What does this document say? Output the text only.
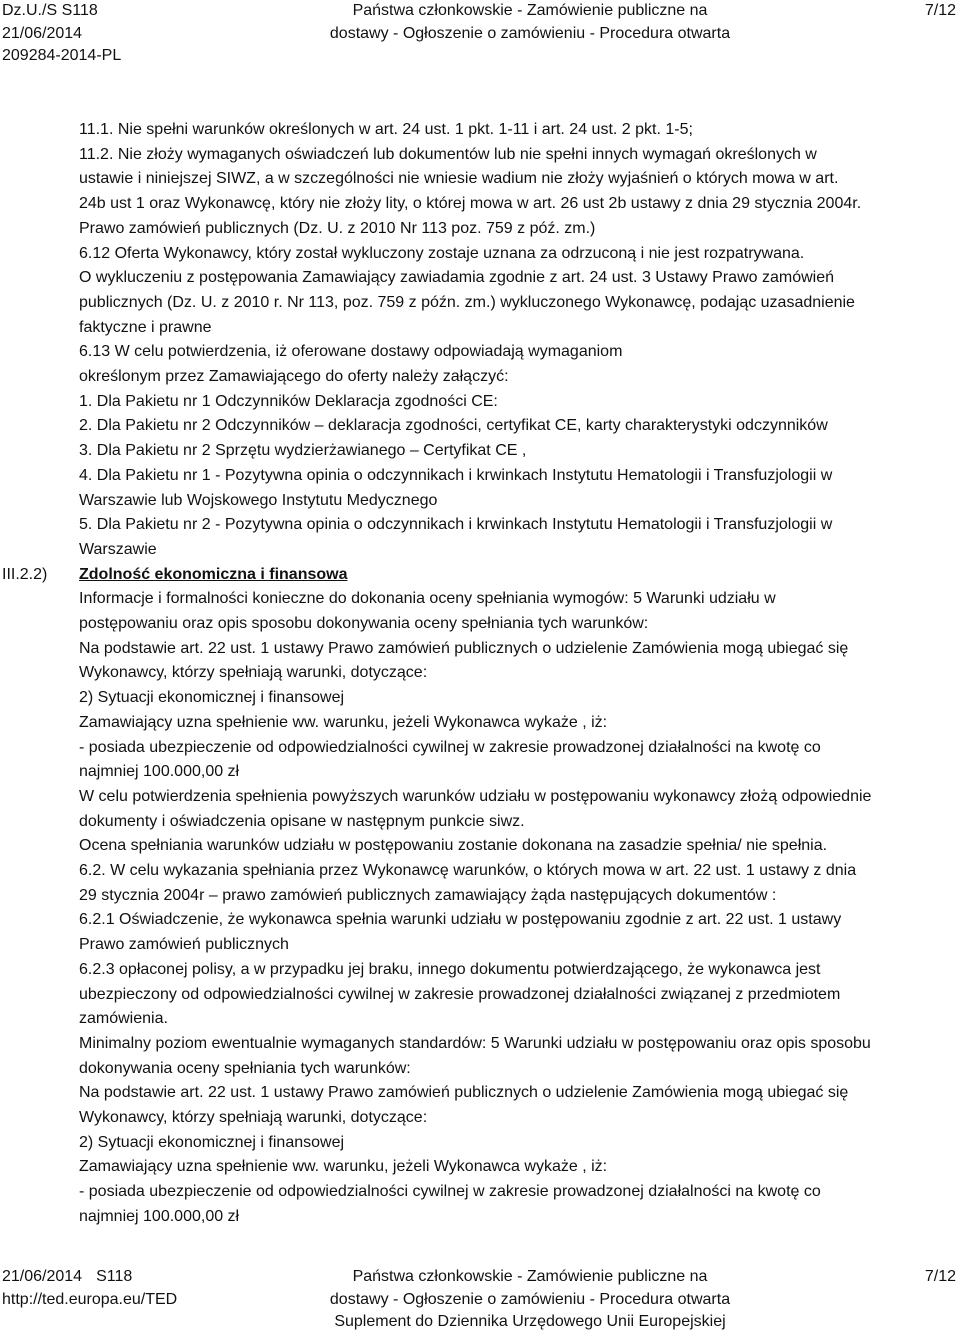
Dz.U./S S118
21/06/2014
209284-2014-PL
Państwa członkowskie - Zamówienie publiczne na
dostawy - Ogłoszenie o zamówieniu - Procedura otwarta
7/12
11.1. Nie spełni warunków określonych w art. 24 ust. 1 pkt. 1-11 i art. 24 ust. 2 pkt. 1-5;
11.2. Nie złoży wymaganych oświadczeń lub dokumentów lub nie spełni innych wymagań określonych w
ustawie i niniejszej SIWZ, a w szczególności nie wniesie wadium nie złoży wyjaśnień o których mowa w art.
24b ust 1 oraz Wykonawcę, który nie złoży lity, o której mowa w art. 26 ust 2b ustawy z dnia 29 stycznia 2004r.
Prawo zamówień publicznych (Dz. U. z 2010 Nr 113 poz. 759 z póź. zm.)
6.12 Oferta Wykonawcy, który został wykluczony zostaje uznana za odrzuconą i nie jest rozpatrywana.
O wykluczeniu z postępowania Zamawiający zawiadamia zgodnie z art. 24 ust. 3 Ustawy Prawo zamówień
publicznych (Dz. U. z 2010 r. Nr 113, poz. 759 z późn. zm.) wykluczonego Wykonawcę, podając uzasadnienie
faktyczne i prawne
6.13 W celu potwierdzenia, iż oferowane dostawy odpowiadają wymaganiom
określonym przez Zamawiającego do oferty należy załączyć:
1. Dla Pakietu nr 1 Odczynników Deklaracja zgodności CE:
2. Dla Pakietu nr 2 Odczynników – deklaracja zgodności, certyfikat CE, karty charakterystyki odczynników
3. Dla Pakietu nr 2 Sprzętu wydzierżawianego – Certyfikat CE ,
4. Dla Pakietu nr 1 - Pozytywna opinia o odczynnikach i krwinkach Instytutu Hematologii i Transfuzjologii w
Warszawie lub Wojskowego Instytutu Medycznego
5. Dla Pakietu nr 2 - Pozytywna opinia o odczynnikach i krwinkach Instytutu Hematologii i Transfuzjologii w
Warszawie
III.2.2)	Zdolność ekonomiczna i finansowa
Informacje i formalności konieczne do dokonania oceny spełniania wymogów: 5 Warunki udziału w
postępowaniu oraz opis sposobu dokonywania oceny spełniania tych warunków:
Na podstawie art. 22 ust. 1 ustawy Prawo zamówień publicznych o udzielenie Zamówienia mogą ubiegać się
Wykonawcy, którzy spełniają warunki, dotyczące:
2) Sytuacji ekonomicznej i finansowej
Zamawiający uzna spełnienie ww. warunku, jeżeli Wykonawca wykaże , iż:
- posiada ubezpieczenie od odpowiedzialności cywilnej w zakresie prowadzonej działalności na kwotę co
najmniej 100.000,00 zł
W celu potwierdzenia spełnienia powyższych warunków udziału w postępowaniu wykonawcy złożą odpowiednie
dokumenty i oświadczenia opisane w następnym punkcie siwz.
Ocena spełniania warunków udziału w postępowaniu zostanie dokonana na zasadzie spełnia/ nie spełnia.
6.2. W celu wykazania spełniania przez Wykonawcę warunków, o których mowa w art. 22 ust. 1 ustawy z dnia
29 stycznia 2004r – prawo zamówień publicznych zamawiający żąda następujących dokumentów :
6.2.1 Oświadczenie, że wykonawca spełnia warunki udziału w postępowaniu zgodnie z art. 22 ust. 1 ustawy
Prawo zamówień publicznych
6.2.3 opłaconej polisy, a w przypadku jej braku, innego dokumentu potwierdzającego, że wykonawca jest
ubezpieczony od odpowiedzialności cywilnej w zakresie prowadzonej działalności związanej z przedmiotem
zamówienia.
Minimalny poziom ewentualnie wymaganych standardów: 5 Warunki udziału w postępowaniu oraz opis sposobu
dokonywania oceny spełniania tych warunków:
Na podstawie art. 22 ust. 1 ustawy Prawo zamówień publicznych o udzielenie Zamówienia mogą ubiegać się
Wykonawcy, którzy spełniają warunki, dotyczące:
2) Sytuacji ekonomicznej i finansowej
Zamawiający uzna spełnienie ww. warunku, jeżeli Wykonawca wykaże , iż:
- posiada ubezpieczenie od odpowiedzialności cywilnej w zakresie prowadzonej działalności na kwotę co
najmniej 100.000,00 zł
21/06/2014 S118
http://ted.europa.eu/TED
Państwa członkowskie - Zamówienie publiczne na
dostawy - Ogłoszenie o zamówieniu - Procedura otwarta
Suplement do Dziennika Urzędowego Unii Europejskiej
7/12
